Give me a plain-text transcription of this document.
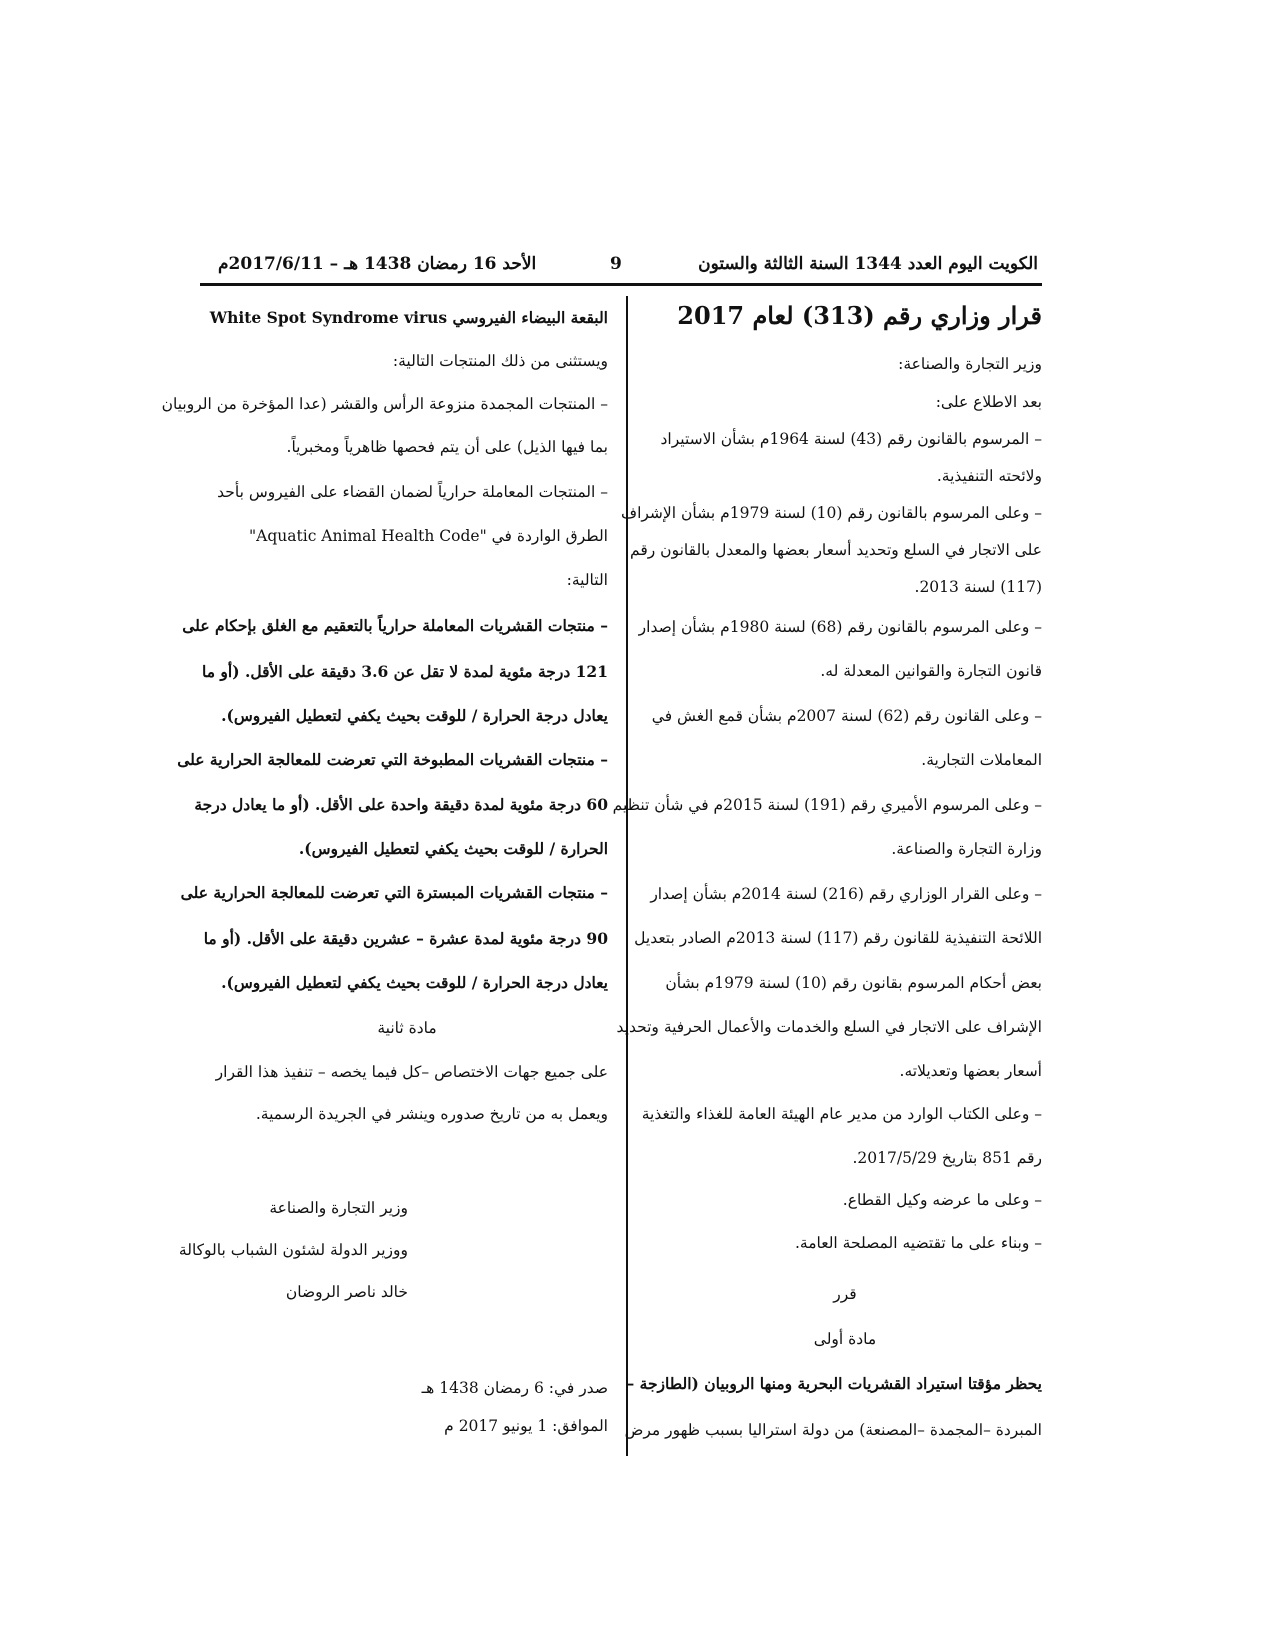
الكويت اليوم العدد 1344 السنة الثالثة والستون
9
الأحد 16 رمضان 1438 هـ – 2017/6/11م

قرار وزاري رقم (313) لعام 2017

وزير التجارة والصناعة:

بعد الاطلاع على:

– المرسوم بالقانون رقم (43) لسنة 1964م بشأن الاستيراد

ولائحته التنفيذية.

– وعلى المرسوم بالقانون رقم (10) لسنة 1979م بشأن الإشراف

على الاتجار في السلع وتحديد أسعار بعضها والمعدل بالقانون رقم

(117) لسنة 2013.

– وعلى المرسوم بالقانون رقم (68) لسنة 1980م بشأن إصدار

قانون التجارة والقوانين المعدلة له.

– وعلى القانون رقم (62) لسنة 2007م بشأن قمع الغش في

المعاملات التجارية.

– وعلى المرسوم الأميري رقم (191) لسنة 2015م في شأن تنظيم

وزارة التجارة والصناعة.

– وعلى القرار الوزاري رقم (216) لسنة 2014م بشأن إصدار

اللائحة التنفيذية للقانون رقم (117) لسنة 2013م الصادر بتعديل

بعض أحكام المرسوم بقانون رقم (10) لسنة 1979م بشأن

الإشراف على الاتجار في السلع والخدمات والأعمال الحرفية وتحديد

أسعار بعضها وتعديلاته.

– وعلى الكتاب الوارد من مدير عام الهيئة العامة للغذاء والتغذية

رقم 851 بتاريخ 2017/5/29.

– وعلى ما عرضه وكيل القطاع.

– وبناء على ما تقتضيه المصلحة العامة.

قرر

مادة أولى

يحظر مؤقتا استيراد القشريات البحرية ومنها الروبيان (الطازجة –

المبردة –المجمدة –المصنعة) من دولة استراليا بسبب ظهور مرض

البقعة البيضاء الفيروسي White Spot Syndrome virus

ويستثنى من ذلك المنتجات التالية:

– المنتجات المجمدة منزوعة الرأس والقشر (عدا المؤخرة من الروبيان

بما فيها الذيل) على أن يتم فحصها ظاهرياً ومخبرياً.

– المنتجات المعاملة حرارياً لضمان القضاء على الفيروس بأحد

الطرق الواردة في "Aquatic Animal Health Code"

التالية:

– منتجات القشريات المعاملة حرارياً بالتعقيم مع الغلق بإحكام على

121 درجة مئوية لمدة لا تقل عن 3.6 دقيقة على الأقل. (أو ما

يعادل درجة الحرارة / للوقت بحيث يكفي لتعطيل الفيروس).

– منتجات القشريات المطبوخة التي تعرضت للمعالجة الحرارية على

60 درجة مئوية لمدة دقيقة واحدة على الأقل. (أو ما يعادل درجة

الحرارة / للوقت بحيث يكفي لتعطيل الفيروس).

– منتجات القشريات المبسترة التي تعرضت للمعالجة الحرارية على

90 درجة مئوية لمدة عشرة – عشرين دقيقة على الأقل. (أو ما

يعادل درجة الحرارة / للوقت بحيث يكفي لتعطيل الفيروس).

مادة ثانية

على جميع جهات الاختصاص –كل فيما يخصه – تنفيذ هذا القرار

ويعمل به من تاريخ صدوره وينشر في الجريدة الرسمية.

وزير التجارة والصناعة

ووزير الدولة لشئون الشباب بالوكالة

خالد ناصر الروضان

صدر في: 6 رمضان 1438 هـ

الموافق: 1 يونيو 2017 م
